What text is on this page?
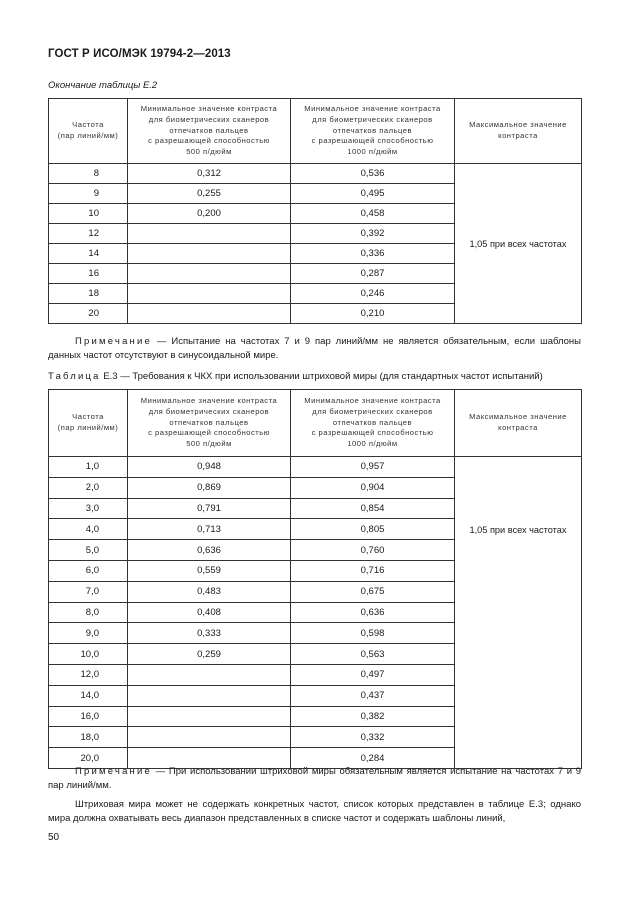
ГОСТ Р ИСО/МЭК 19794-2—2013
Окончание таблицы Е.2
Частота
(пар линий/мм)	Минимальное значение контраста
для биометрических сканеров
отпечатков пальцев
с разрешающей способностью
500 п/дюйм	Минимальное значение контраста
для биометрических сканеров
отпечатков пальцев
с разрешающей способностью
1000 п/дюйм	Максимальное значение
контраста
8	0,312	0,536	1,05 при всех частотах
9	0,255	0,495	
10	0,200	0,458	
12		0,392	
14		0,336	
16		0,287	
18		0,246	
20		0,210	
Примечание — Испытание на частотах 7 и 9 пар линий/мм не является обязательным, если шаблоны данных частот отсутствуют в синусоидальной мире.
Таблица Е.3 — Требования к ЧКХ при использовании штриховой миры (для стандартных частот испытаний)
Частота
(пар линий/мм)	Минимальное значение контраста
для биометрических сканеров
отпечатков пальцев
с разрешающей способностью
500 п/дюйм	Минимальное значение контраста
для биометрических сканеров
отпечатков пальцев
с разрешающей способностью
1000 п/дюйм	Максимальное значение
контраста
1,0	0,948	0,957	1,05 при всех частотах
2,0	0,869	0,904	
3,0	0,791	0,854	
4,0	0,713	0,805	
5,0	0,636	0,760	
6,0	0,559	0,716	
7,0	0,483	0,675	
8,0	0,408	0,636	
9,0	0,333	0,598	
10,0	0,259	0,563	
12,0		0,497	
14,0		0,437	
16,0		0,382	
18,0		0,332	
20,0		0,284	
Примечание — При использовании штриховой миры обязательным является испытание на частотах 7 и 9 пар линий/мм.
Штриховая мира может не содержать конкретных частот, список которых представлен в таблице Е.3; однако мира должна охватывать весь диапазон представленных в списке частот и содержать шаблоны линий,
50
